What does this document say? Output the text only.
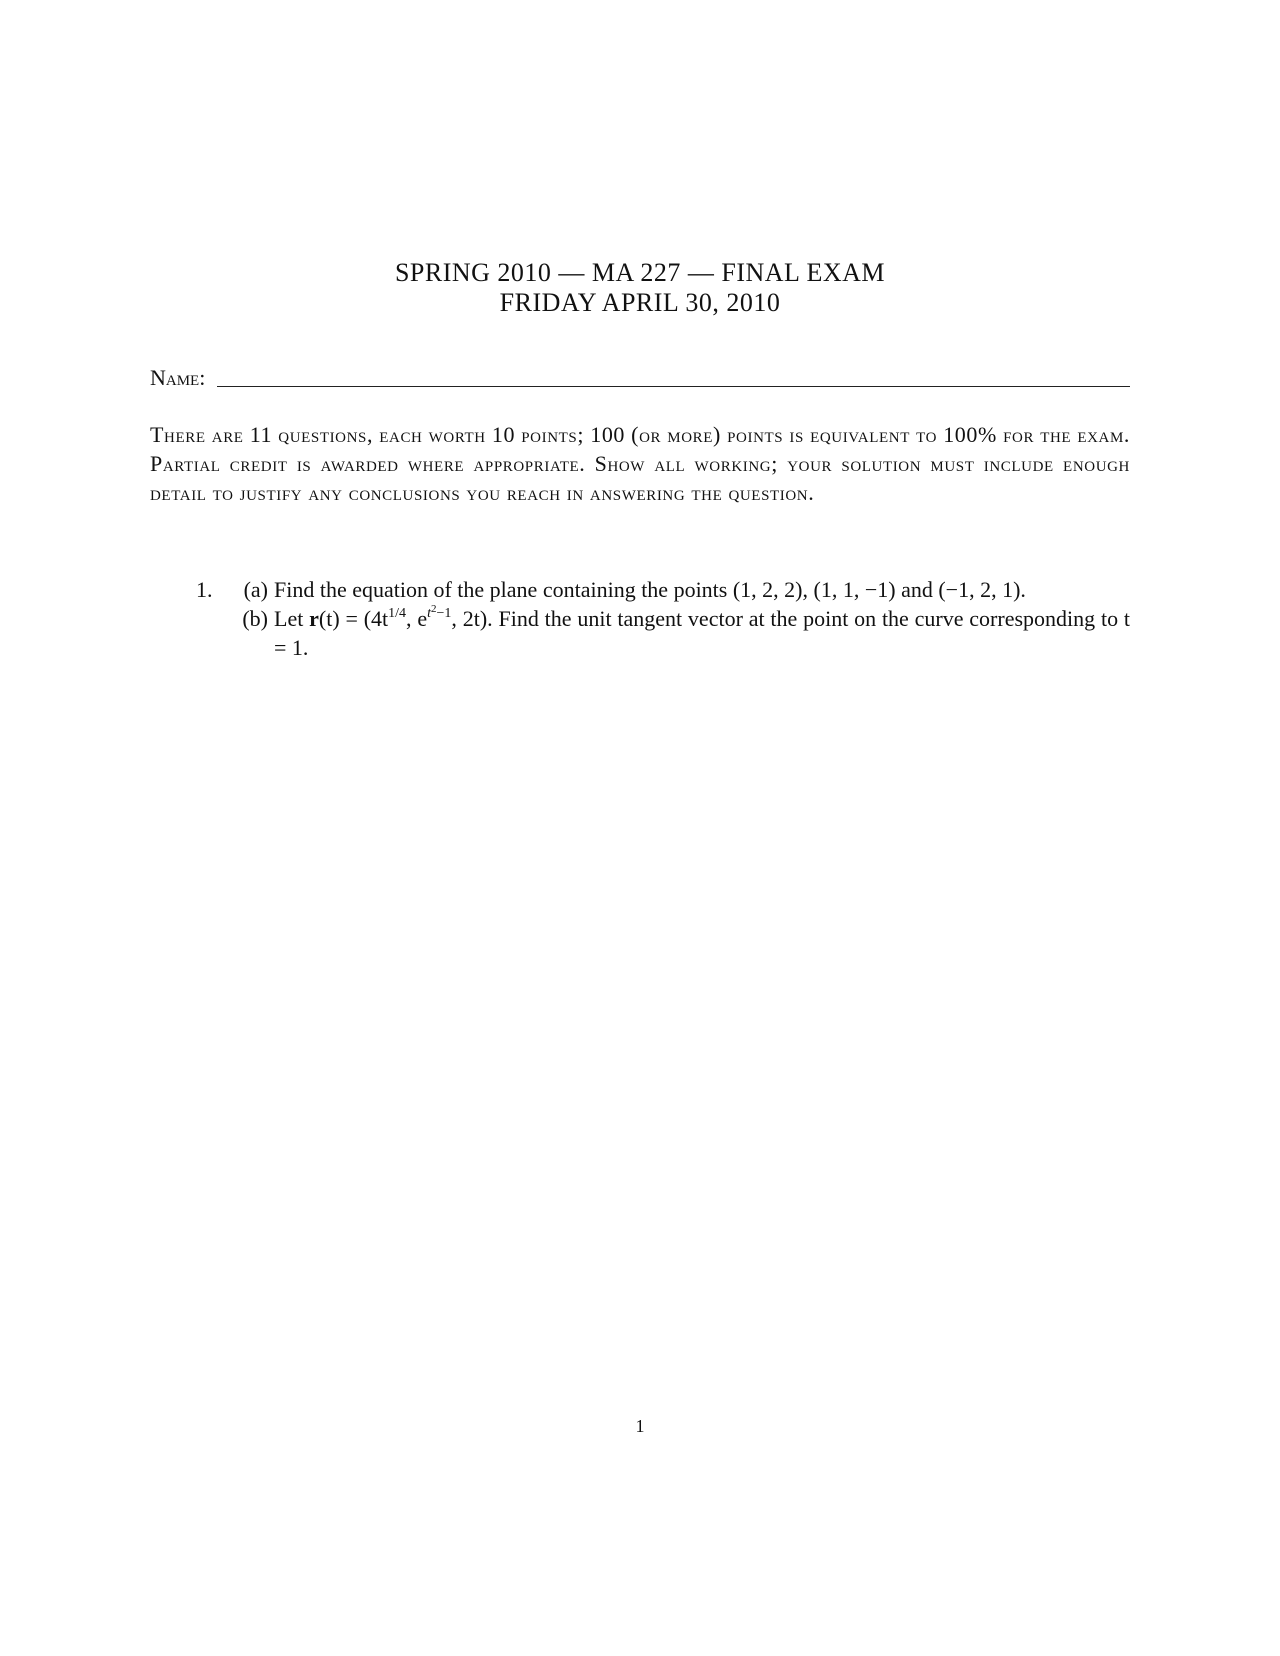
SPRING 2010 — MA 227 — FINAL EXAM
FRIDAY APRIL 30, 2010
Name:
There are 11 questions, each worth 10 points; 100 (or more) points is equivalent to 100% for the exam. Partial credit is awarded where appropriate. Show all working; your solution must include enough detail to justify any conclusions you reach in answering the question.
1.	(a) Find the equation of the plane containing the points (1, 2, 2), (1, 1, −1) and (−1, 2, 1).
(b) Let $r(t) = (4t^{1/4}$, $e^{t^2-1}$, 2t). Find the unit tangent vector at the point on the curve corresponding to t = 1.
1
